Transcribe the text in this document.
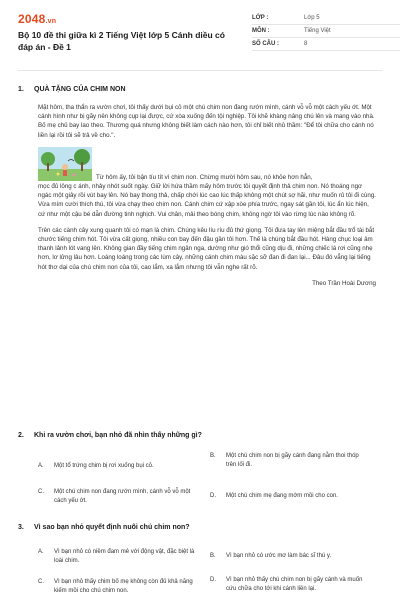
2048.vn
Bộ 10 đề thi giữa kì 2 Tiếng Việt lớp 5 Cánh diều có đáp án - Đề 1
LỚP :	Lớp 5
MÔN :	Tiếng Việt
SỐ CÂU :	8
1.	QUÀ TẶNG CỦA CHIM NON

Mặt hôm, tha thẩn ra vườn chơi, tôi thấy dưới bụi cỏ một chú chim non đang rướn mình, cánh vỗ vỗ một cách yếu ớt. Một cánh hình như bị gãy nên không cụp lại được, cứ xòa xuống đến tội nghiệp. Tôi khẽ khàng nâng chú lên và mang vào nhà. Bố mẹ chủ bay lao theo. Thương quá nhưng không biết làm cách nào hơn, tôi chỉ biết nhủ thầm: "Để tôi chữa cho cánh nó liền lại rồi tôi sẽ trả về cho.".

Từ hôm ấy, tôi bận tíu tít vì chim non. Chừng mười hôm sau, nó khỏe hơn hẳn,

mọc đủ lông c ánh, nhảy nhót suốt ngày. Giữ lời hứa thầm mấy hôm trước tôi quyết định thả chim non. Nó thoáng ngơ ngác một giây rồi vút bay lên. Nó bay thong thả, chấp chới lúc cao lúc thấp không một chút sợ hãi, như muốn rủ tôi đi cùng. Vừa mím cười thích thú, tôi vừa chạy theo chim non. Cánh chim cứ xập xòe phía trước, ngay sát gần tôi, lúc ẩn lúc hiện, cứ như một cậu bé dẫn đường tinh nghịch. Vui chân, mải theo bóng chim, không ngờ tôi vào rừng lúc nào không rõ.

Trên các cành cây xung quanh tôi có mạn là chim. Chúng kêu líu ríu đủ thứ giọng. Tôi đưa tay lên miệng bắt đầu trổ tài bắt chước tiếng chim hót. Tôi vừa cất giọng, nhiều con bay đến đậu gần tôi hơn. Thế là chúng bắt đầu hót. Hàng chục loại âm thanh lảnh lót vang lên. Không gian đầy tiếng chim ngân nga, dường như gió thổi cũng dịu đi, những chiếc lá rơi cũng nhẹ hơn, lơ lửng lâu hơn. Loáng loáng trong các lùm cây, những cánh chim màu sặc sỡ đan đi đan lại... Đâu đó vẳng lại tiếng hót thơ dại của chú chim non của tôi, cao lắm, xa lắm nhưng tôi vẫn nghe rất rõ.

Theo Trần Hoài Dương
2.	Khi ra vườn chơi, bạn nhỏ đã nhìn thấy những gì?
A.	Một tổ trứng chim bị rơi xuống bụi cỏ.
B.	Một chú chim non bị gãy cánh đang nằm thoi thóp trên lối đi.
C.	Một chú chim non đang rướn mình, cánh vỗ vỗ một cách yếu ớt.
D.	Một chú chim mẹ đang mớm mồi cho con.
3.	Vì sao bạn nhỏ quyết định nuôi chú chim non?
A.	Vì bạn nhỏ có niềm đam mê với động vật, đặc biệt là loài chim.
B.	Vì bạn nhỏ có ước mơ làm bác sĩ thú y.
C.	Vì bạn nhỏ thấy chim bố mẹ không còn đủ khả năng kiếm mồi cho chú chim non.
D.	Vì bạn nhỏ thấy chú chim non bị gãy cánh và muốn cứu chữa cho tới khi cánh liền lại.
